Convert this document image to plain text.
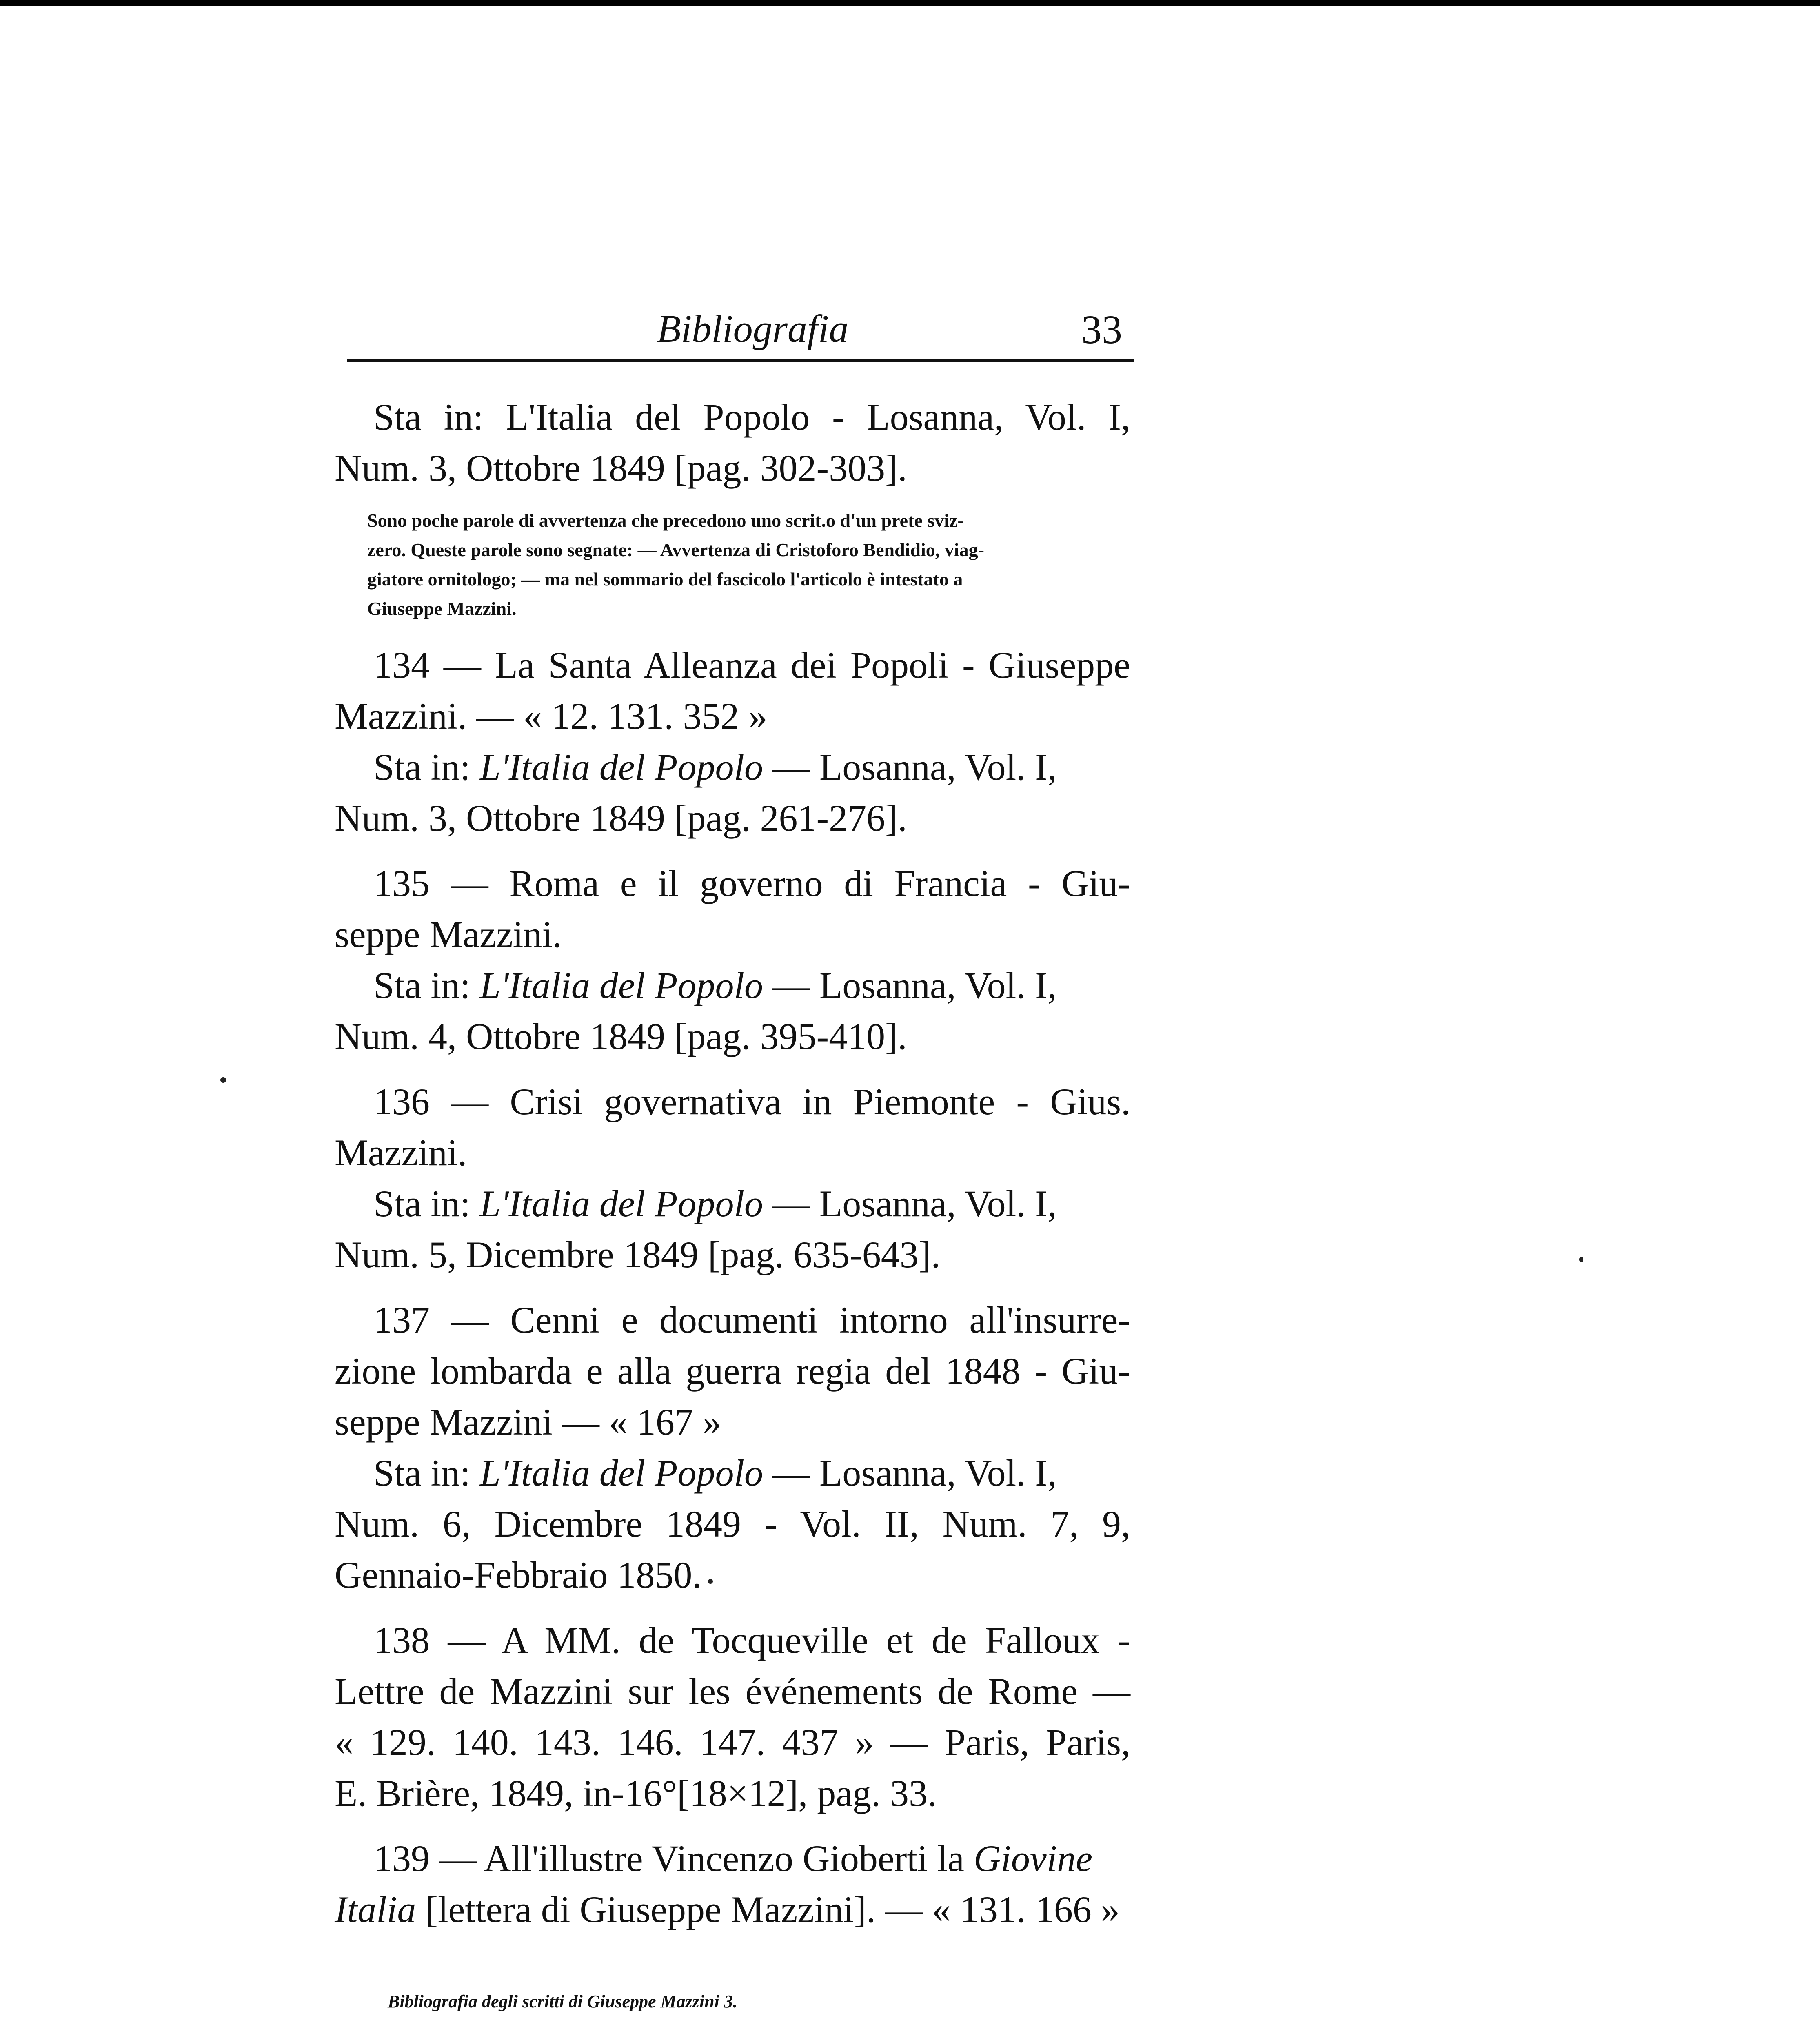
Bibliografia	33
Sta in: L'Italia del Popolo - Losanna, Vol. I,
Num. 3, Ottobre 1849 [pag. 302-303].
Sono poche parole di avvertenza che precedono uno scrit.o d'un prete sviz-
zero. Queste parole sono segnate: — Avvertenza di Cristoforo Bendidio, viag-
giatore ornitologo; — ma nel sommario del fascicolo l'articolo è intestato a
Giuseppe Mazzini.
134 — La Santa Alleanza dei Popoli - Giuseppe
Mazzini. — « 12. 131. 352 »
Sta in: L'Italia del Popolo — Losanna, Vol. I,
Num. 3, Ottobre 1849 [pag. 261-276].
135 — Roma e il governo di Francia - Giu-
seppe Mazzini.
Sta in: L'Italia del Popolo — Losanna, Vol. I,
Num. 4, Ottobre 1849 [pag. 395-410].
136 — Crisi governativa in Piemonte - Gius.
Mazzini.
Sta in: L'Italia del Popolo — Losanna, Vol. I,
Num. 5, Dicembre 1849 [pag. 635-643].
137 — Cenni e documenti intorno all'insurre-
zione lombarda e alla guerra regia del 1848 - Giu-
seppe Mazzini — « 167 »
Sta in: L'Italia del Popolo — Losanna, Vol. I,
Num. 6, Dicembre 1849 - Vol. II, Num. 7, 9,
Gennaio-Febbraio 1850.
138 — A MM. de Tocqueville et de Falloux -
Lettre de Mazzini sur les événements de Rome —
« 129. 140. 143. 146. 147. 437 » — Paris, Paris,
E. Brière, 1849, in-16°[18×12], pag. 33.
139 — All'illustre Vincenzo Gioberti la Giovine
Italia [lettera di Giuseppe Mazzini]. — « 131. 166 »
Bibliografia degli scritti di Giuseppe Mazzini 3.
